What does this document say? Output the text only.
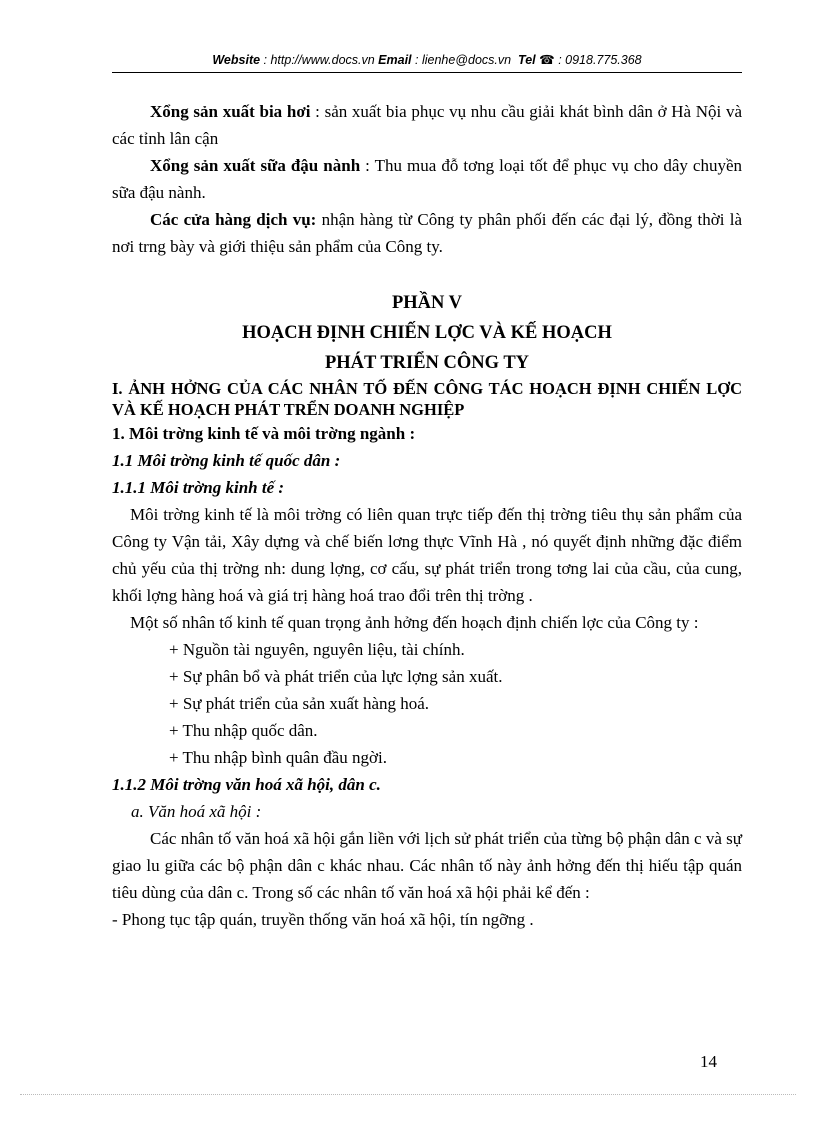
Website : http://www.docs.vn Email : lienhe@docs.vn  Tel ☎ : 0918.775.368

Xổng sản xuất bia hơi : sản xuất bia phục vụ nhu cầu giải khát bình dân ở Hà Nội và các tỉnh lân cận

Xổng sản xuất sữa đậu nành : Thu mua đỗ tơng loại tốt để phục vụ cho dây chuyền sữa đậu nành.

Các cửa hàng dịch vụ: nhận hàng từ Công ty phân phối đến các đại lý, đồng thời là nơi trng bày và giới thiệu sản phẩm của Công ty.

PHẦN V
HOẠCH ĐỊNH CHIẾN LỢC VÀ KẾ HOẠCH
PHÁT TRIỂN CÔNG TY

I. ẢNH HỞNG CỦA CÁC NHÂN TỐ ĐẾN CÔNG TÁC HOẠCH ĐỊNH CHIẾN LỢC VÀ KẾ HOẠCH PHÁT TRỂN DOANH NGHIỆP

1. Môi trờng kinh tế và môi trờng ngành :

1.1 Môi trờng kinh tế quốc dân :

1.1.1 Môi trờng kinh tế :

Môi trờng kinh tế là môi trờng có liên quan trực tiếp đến thị trờng tiêu thụ sản phẩm của Công ty Vận tải, Xây dựng và chế biến lơng thực Vĩnh Hà , nó quyết định những đặc điểm chủ yếu của thị trờng nh: dung lợng, cơ cấu, sự phát triển trong tơng lai của cầu, của cung, khối lợng hàng hoá và giá trị hàng hoá trao đổi trên thị trờng .

Một số nhân tố kinh tế quan trọng ảnh hởng đến hoạch định chiến lợc của Công ty :

+ Nguồn tài nguyên, nguyên liệu, tài chính.

+ Sự phân bổ và phát triển của lực lợng sản xuất.

+ Sự phát triển của sản xuất hàng hoá.

+ Thu nhập quốc dân.

+ Thu nhập bình quân đầu ngời.

1.1.2 Môi trờng văn hoá xã hội, dân c.

a. Văn hoá xã hội :

Các nhân tố văn hoá xã hội gắn liền với lịch sử phát triển của từng bộ phận dân c và sự giao lu giữa các bộ phận dân c khác nhau. Các nhân tố này ảnh hởng đến thị hiếu tập quán tiêu dùng của dân c. Trong số các nhân tố văn hoá xã hội phải kể đến :

- Phong tục tập quán, truyền thống văn hoá xã hội, tín ngỡng .

14
